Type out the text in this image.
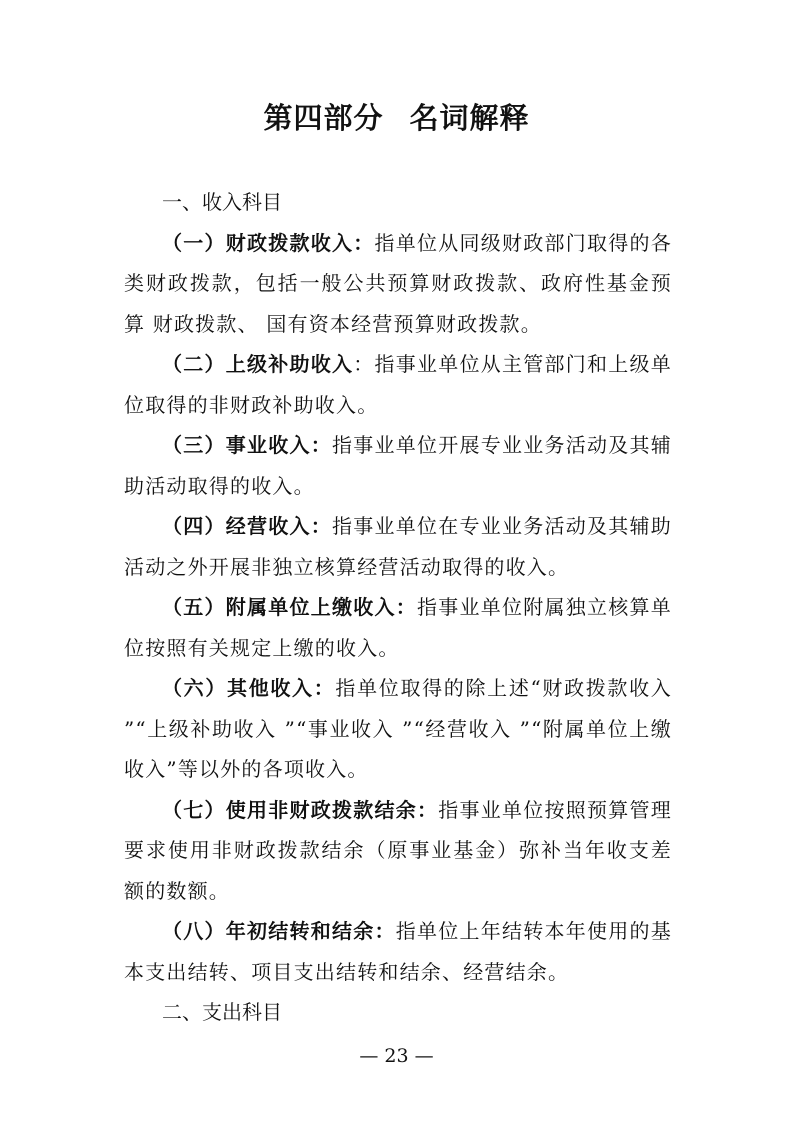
第四部分 名词解释

一、收入科目

（一）财政拨款收入：指单位从同级财政部门取得的各 类财政拨款，包括一般公共预算财政拨款、政府性基金预算 财政拨款、 国有资本经营预算财政拨款。

（二）上级补助收入：指事业单位从主管部门和上级单位取得的非财政补助收入。

（三）事业收入：指事业单位开展专业业务活动及其辅助活动取得的收入。

（四）经营收入：指事业单位在专业业务活动及其辅助活动之外开展非独立核算经营活动取得的收入。

（五）附属单位上缴收入：指事业单位附属独立核算单位按照有关规定上缴的收入。

（六）其他收入：指单位取得的除上述“财政拨款收入 ”“上级补助收入 ”“事业收入 ”“经营收入 ”“附属单位上缴收入”等以外的各项收入。

（七）使用非财政拨款结余：指事业单位按照预算管理要求使用非财政拨款结余（原事业基金）弥补当年收支差额的数额。

（八）年初结转和结余：指单位上年结转本年使用的基本支出结转、项目支出结转和结余、经营结余。

二、支出科目

— 23 —
